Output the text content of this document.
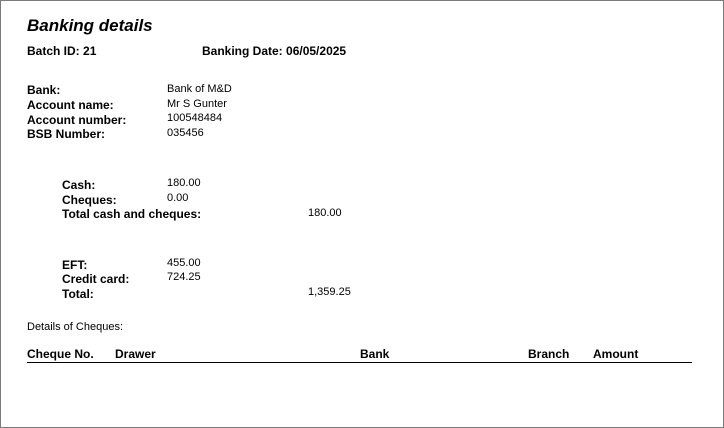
Banking details
Batch ID: 21	Banking Date: 06/05/2025
Bank:	Bank of M&D
Account name:	Mr S Gunter
Account number:	100548484
BSB Number:	035456
Cash:	180.00
Cheques:	0.00
Total cash and cheques:	180.00
EFT:	455.00
Credit card:	724.25
Total:	1,359.25
Details of Cheques:
Cheque No. Drawer	Bank	Branch Amount
